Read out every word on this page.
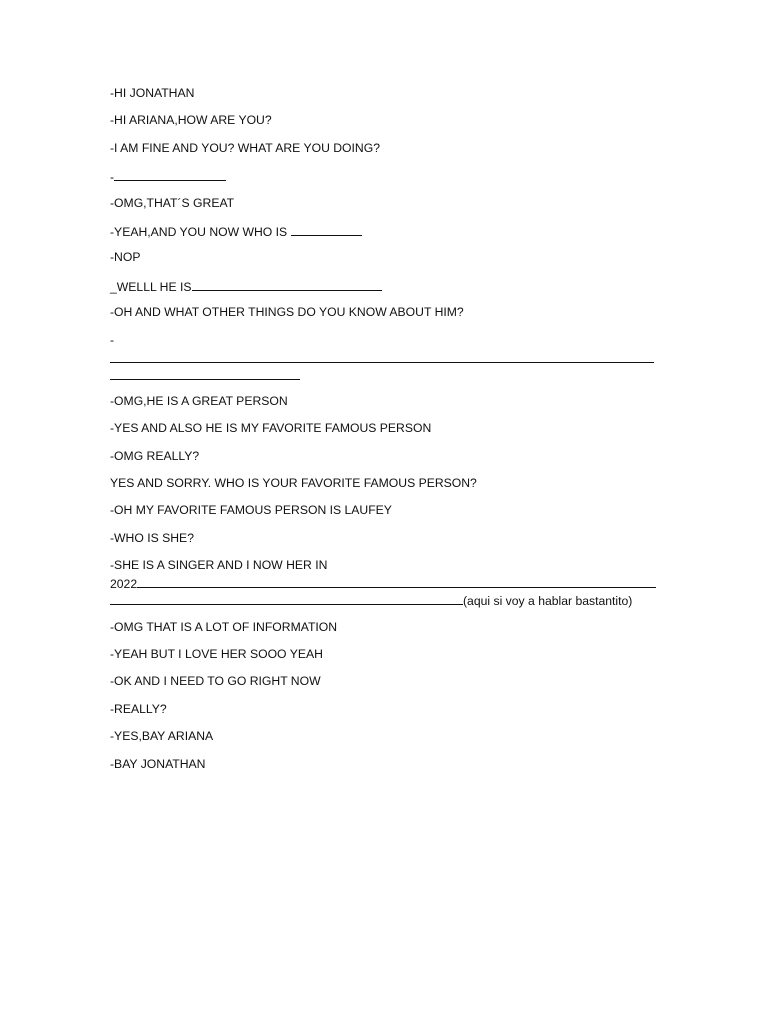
-HI JONATHAN
-HI ARIANA,HOW ARE YOU?
-I AM FINE AND YOU? WHAT ARE YOU DOING?
-
-OMG,THAT´S GREAT
-YEAH,AND YOU NOW WHO IS
-NOP
_WELLL HE IS
-OH AND WHAT OTHER THINGS DO YOU KNOW ABOUT HIM?
-
-OMG,HE IS A GREAT PERSON
-YES AND ALSO HE IS MY FAVORITE FAMOUS PERSON
-OMG REALLY?
YES AND SORRY. WHO IS YOUR FAVORITE FAMOUS PERSON?
-OH MY FAVORITE FAMOUS PERSON IS LAUFEY
-WHO IS SHE?
-SHE IS A SINGER AND I NOW HER IN
2022
(aqui si voy a hablar bastantito)
-OMG THAT IS A LOT OF INFORMATION
-YEAH BUT I LOVE HER SOOO YEAH
-OK AND I NEED TO GO RIGHT NOW
-REALLY?
-YES,BAY ARIANA
-BAY JONATHAN
